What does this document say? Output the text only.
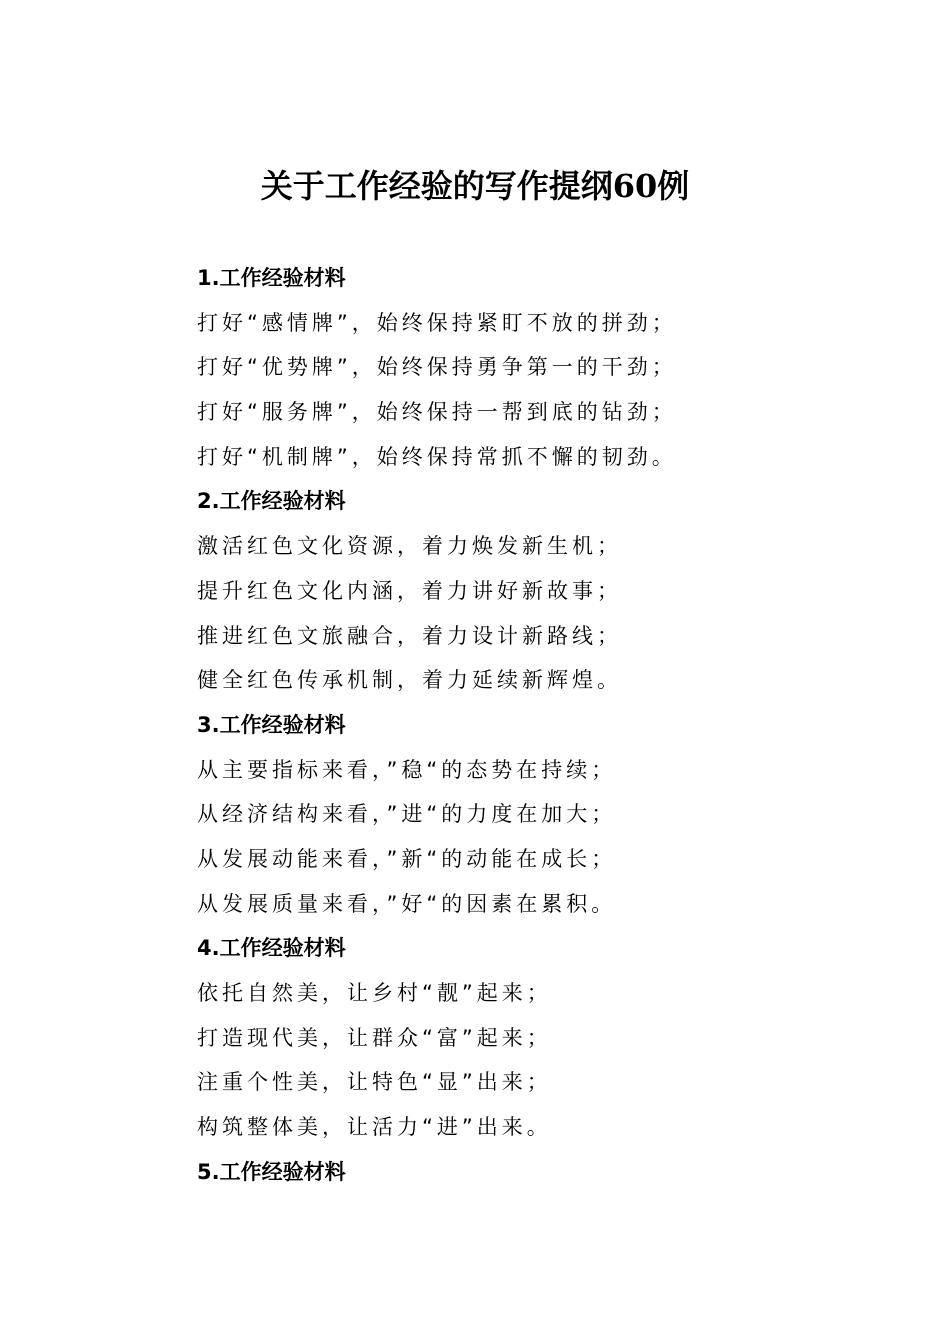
关于工作经验的写作提纲60例

1.工作经验材料

打好“感情牌”，始终保持紧盯不放的拼劲；

打好“优势牌”，始终保持勇争第一的干劲；

打好“服务牌”，始终保持一帮到底的钻劲；

打好“机制牌”，始终保持常抓不懈的韧劲。

2.工作经验材料

激活红色文化资源，着力焕发新生机；

提升红色文化内涵，着力讲好新故事；

推进红色文旅融合，着力设计新路线；

健全红色传承机制，着力延续新辉煌。

3.工作经验材料

从主要指标来看，”稳“的态势在持续；

从经济结构来看，”进“的力度在加大；

从发展动能来看，”新“的动能在成长；

从发展质量来看，”好“的因素在累积。

4.工作经验材料

依托自然美，让乡村“靓”起来；

打造现代美，让群众“富”起来；

注重个性美，让特色“显”出来；

构筑整体美，让活力“进”出来。

5.工作经验材料
